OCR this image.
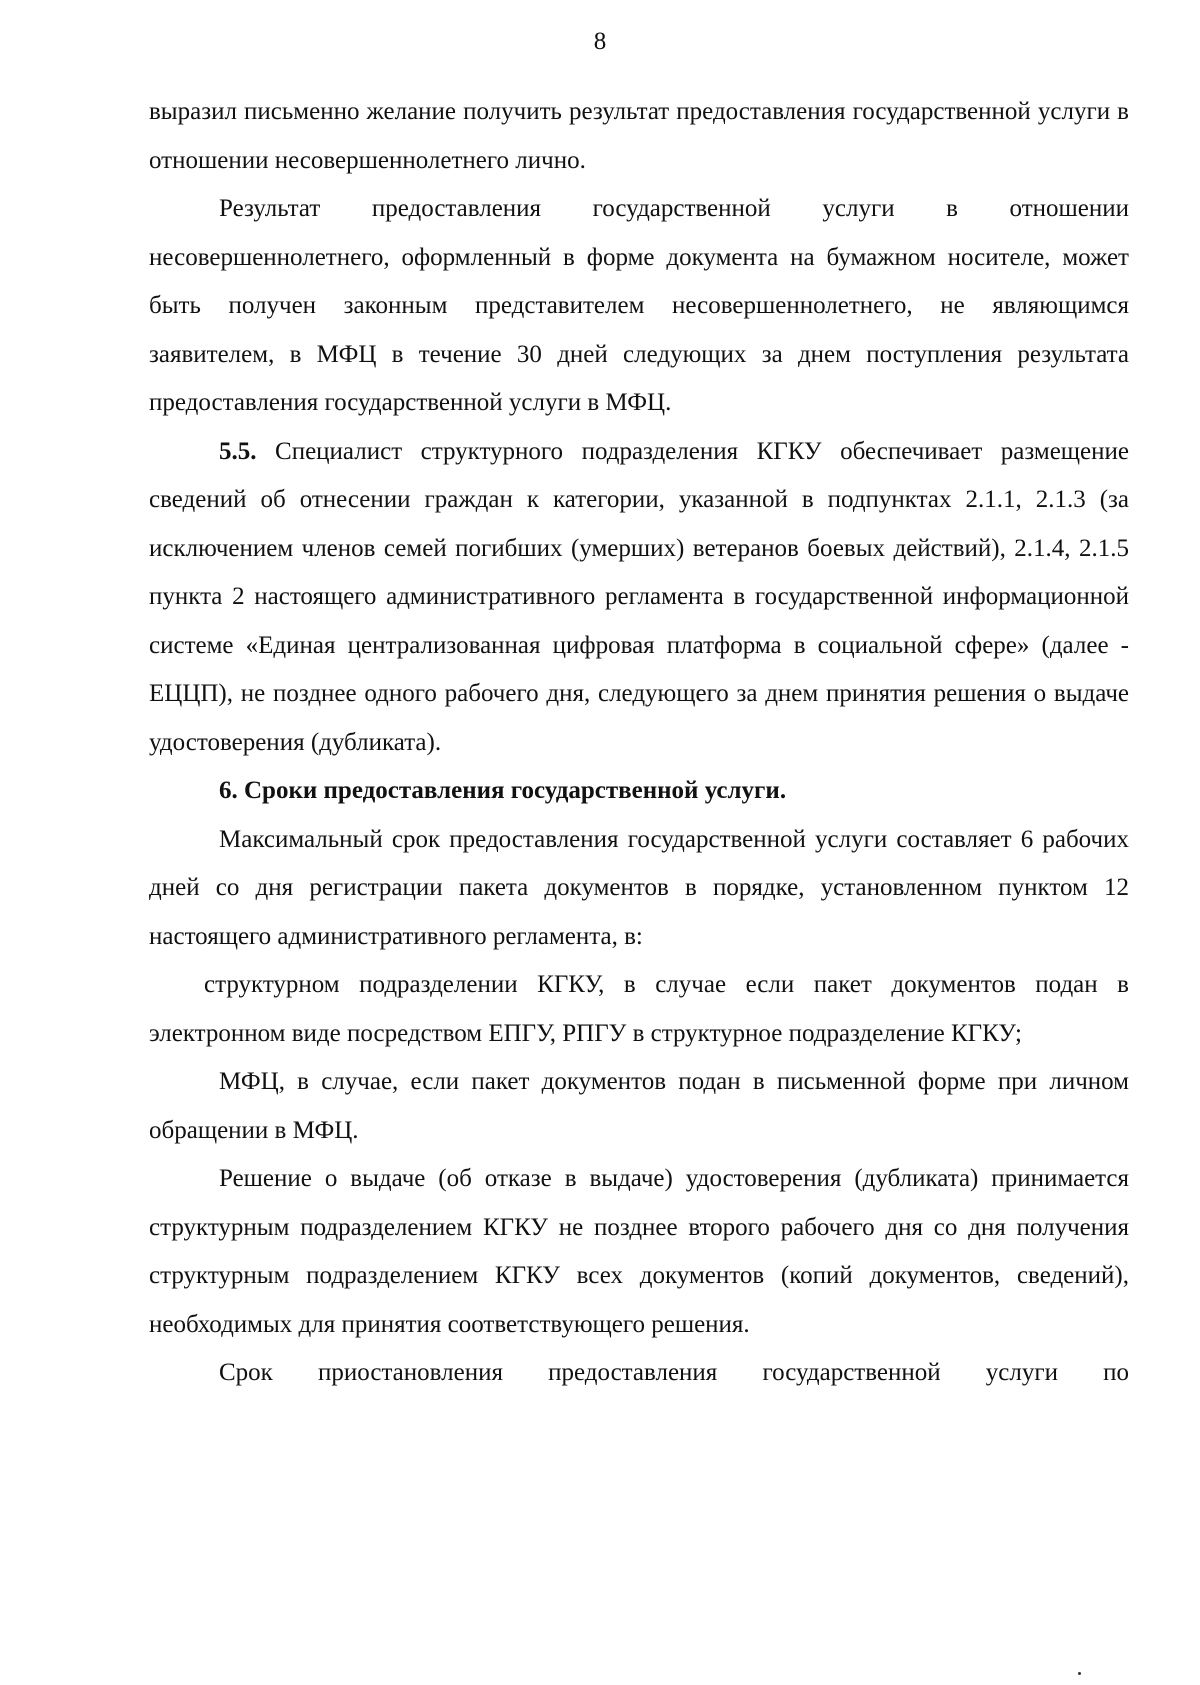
8

выразил письменно желание получить результат предоставления государственной услуги в отношении несовершеннолетнего лично.

Результат предоставления государственной услуги в отношении несовершеннолетнего, оформленный в форме документа на бумажном носителе, может быть получен законным представителем несовершеннолетнего, не являющимся заявителем, в МФЦ в течение 30 дней следующих за днем поступления результата предоставления государственной услуги в МФЦ.

5.5. Специалист структурного подразделения КГКУ обеспечивает размещение сведений об отнесении граждан к категории, указанной в подпунктах 2.1.1, 2.1.3 (за исключением членов семей погибших (умерших) ветеранов боевых действий), 2.1.4, 2.1.5 пункта 2 настоящего административного регламента в государственной информационной системе «Единая централизованная цифровая платформа в социальной сфере» (далее - ЕЦЦП), не позднее одного рабочего дня, следующего за днем принятия решения о выдаче удостоверения (дубликата).

6. Сроки предоставления государственной услуги.

Максимальный срок предоставления государственной услуги составляет 6 рабочих дней со дня регистрации пакета документов в порядке, установленном пунктом 12 настоящего административного регламента, в:

структурном подразделении КГКУ, в случае если пакет документов подан в электронном виде посредством ЕПГУ, РПГУ в структурное подразделение КГКУ;

МФЦ, в случае, если пакет документов подан в письменной форме при личном обращении в МФЦ.

Решение о выдаче (об отказе в выдаче) удостоверения (дубликата) принимается структурным подразделением КГКУ не позднее второго рабочего дня со дня получения структурным подразделением КГКУ всех документов (копий документов, сведений), необходимых для принятия соответствующего решения.

Срок приостановления предоставления государственной услуги по
